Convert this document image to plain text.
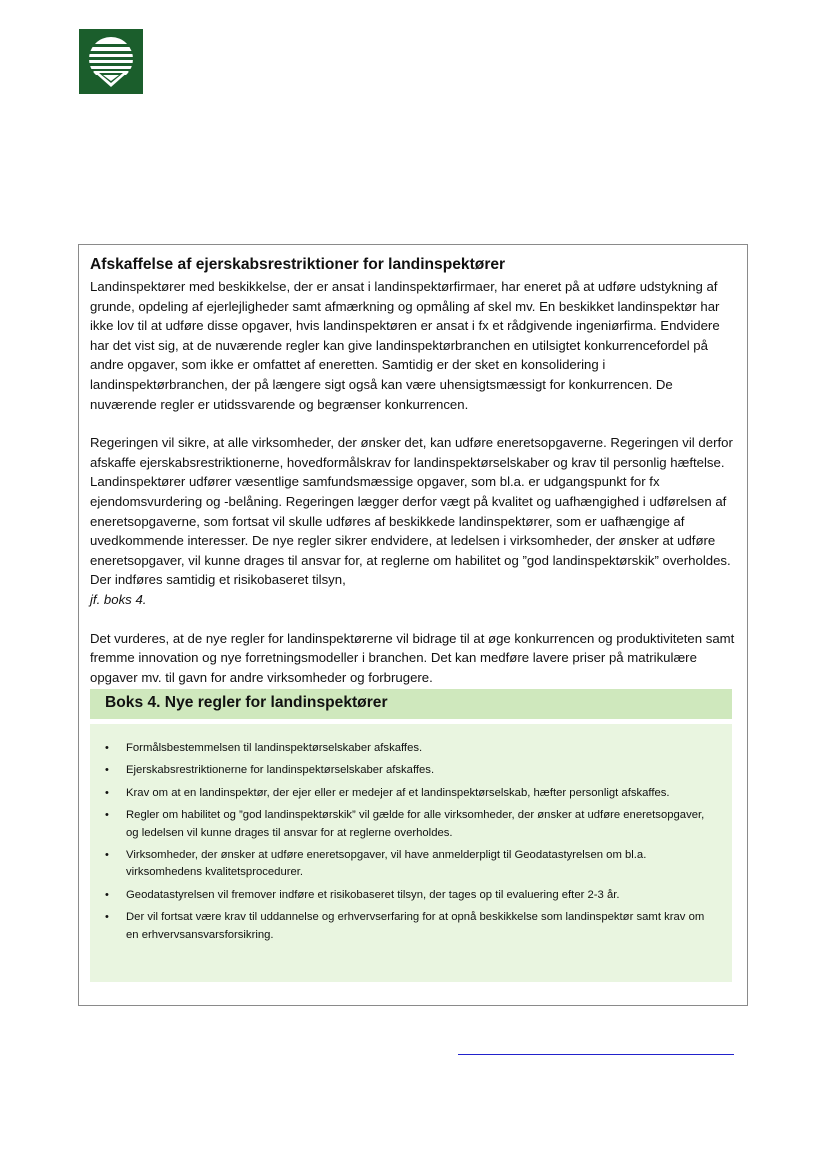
Afskaffelse af ejerskabsrestriktioner for landinspektører

Landinspektører med beskikkelse, der er ansat i landinspektørfirmaer, har eneret på at udføre udstykning af grunde, opdeling af ejerlejligheder samt afmærkning og opmåling af skel mv. En beskikket landinspektør har ikke lov til at udføre disse opgaver, hvis landinspektøren er ansat i fx et rådgivende ingeniørfirma. Endvidere har det vist sig, at de nuværende regler kan give landinspektørbranchen en utilsigtet konkurrencefordel på andre opgaver, som ikke er omfattet af eneretten. Samtidig er der sket en konsolidering i landinspektørbranchen, der på længere sigt også kan være uhensigtsmæssigt for konkurrencen. De nuværende regler er utidssvarende og begrænser konkurrencen.

Regeringen vil sikre, at alle virksomheder, der ønsker det, kan udføre eneretsopgaverne. Regeringen vil derfor afskaffe ejerskabsrestriktionerne, hovedformålskrav for landinspektørselskaber og krav til personlig hæftelse. Landinspektører udfører væsentlige samfundsmæssige opgaver, som bl.a. er udgangspunkt for fx ejendomsvurdering og -belåning. Regeringen lægger derfor vægt på kvalitet og uafhængighed i udførelsen af eneretsopgaverne, som fortsat vil skulle udføres af beskikkede landinspektører, som er uafhængige af uvedkommende interesser. De nye regler sikrer endvidere, at ledelsen i virksomheder, der ønsker at udføre eneretsopgaver, vil kunne drages til ansvar for, at reglerne om habilitet og ”god landinspektørskik” overholdes. Der indføres samtidig et risikobaseret tilsyn,
jf. boks 4.

Det vurderes, at de nye regler for landinspektørerne vil bidrage til at øge konkurrencen og produktiviteten samt fremme innovation og nye forretningsmodeller i branchen. Det kan medføre lavere priser på matrikulære opgaver mv. til gavn for andre virksomheder og forbrugere.

Boks 4. Nye regler for landinspektører
• Formålsbestemmelsen til landinspektørselskaber afskaffes.
• Ejerskabsrestriktionerne for landinspektørselskaber afskaffes.
• Krav om at en landinspektør, der ejer eller er medejer af et landinspektørselskab, hæfter personligt afskaffes.
• Regler om habilitet og ”god landinspektørskik” vil gælde for alle virksomheder, der ønsker at udføre eneretsopgaver, og ledelsen vil kunne drages til ansvar for at reglerne overholdes.
• Virksomheder, der ønsker at udføre eneretsopgaver, vil have anmelderpligt til Geodatastyrelsen om bl.a. virksomhedens kvalitetsprocedurer.
• Geodatastyrelsen vil fremover indføre et risikobaseret tilsyn, der tages op til evaluering efter 2-3 år.
• Der vil fortsat være krav til uddannelse og erhvervserfaring for at opnå beskikkelse som landinspektør samt krav om en erhvervsansvarsforsikring.
